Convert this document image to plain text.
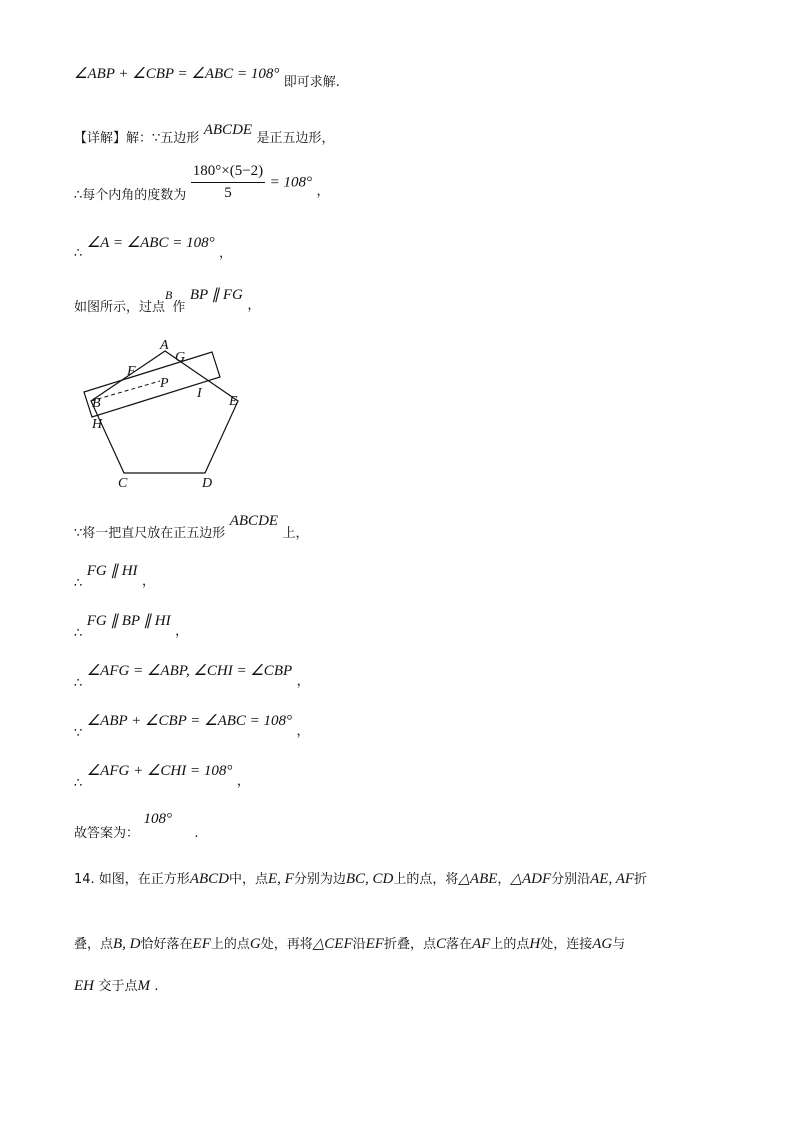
∠ABP + ∠CBP = ∠ABC = 108° 即可求解.
【详解】解：∵五边形 ABCDE 是正五边形，
∴每个内角的度数为 $\frac{180^\circ\times(5-2)}{5} = 108^\circ$ ，
∴ ∠A = ∠ABC = 108° ，
如图所示，过点B作 BP ∥ FG ，
A
G
F
P
I
B	E
H
C	D
∵将一把直尺放在正五边形 ABCDE 上，
∴ FG ∥ HI ，
∴ FG ∥ BP ∥ HI ，
∴ ∠AFG = ∠ABP, ∠CHI = ∠CBP ，
∵ ∠ABP + ∠CBP = ∠ABC = 108° ，
∴ ∠AFG + ∠CHI = 108° ，
故答案为： 108° .
14. 如图，在正方形ABCD中，点E, F分别为边BC, CD上的点，将△ABE，△ADF分别沿AE, AF折
叠，点B, D恰好落在EF上的点G处，再将△CEF沿EF折叠，点C落在AF上的点H处，连接AG与
EH 交于点M .
